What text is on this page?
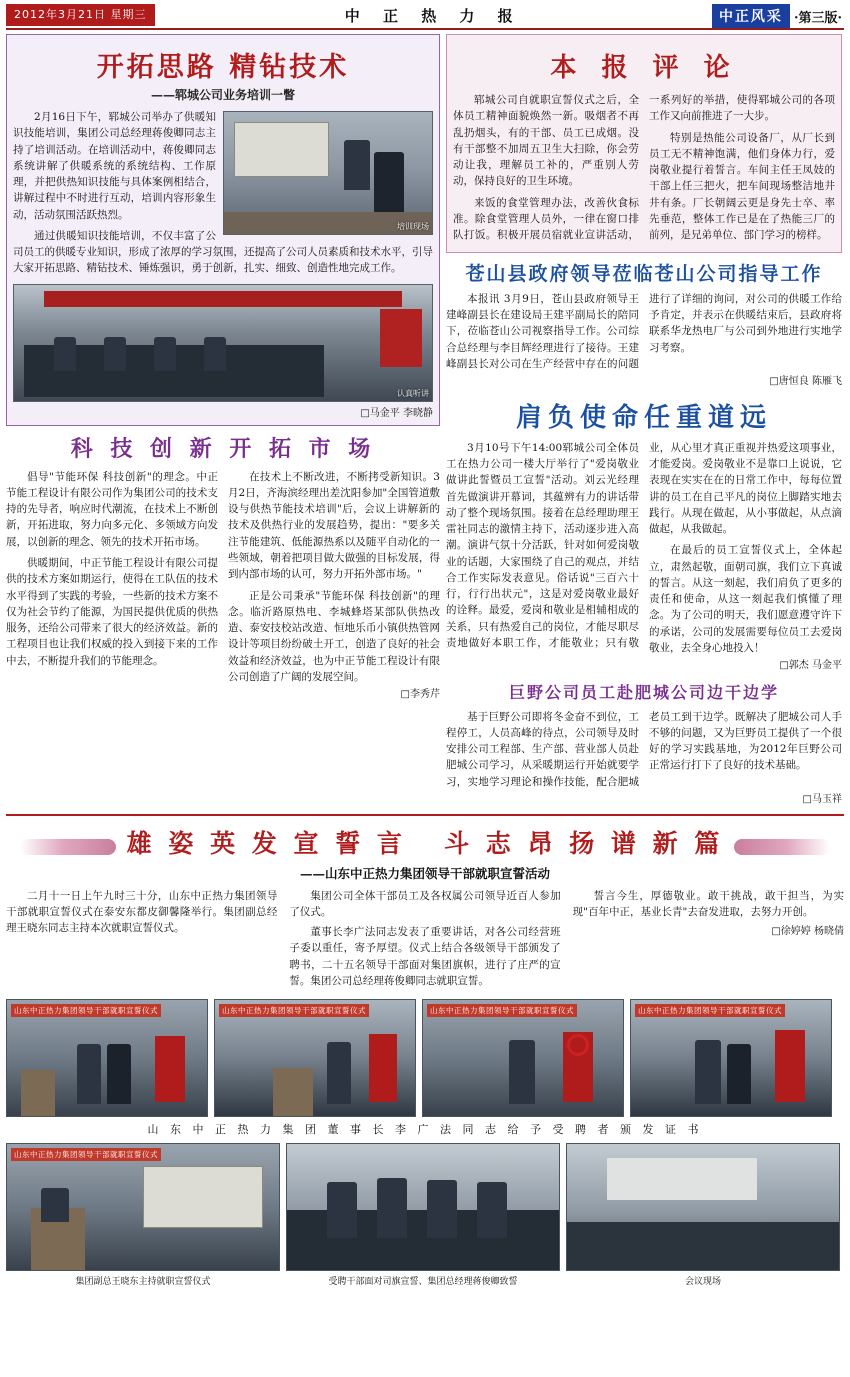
2012年3月21日 星期三	中 正 热 力 报	中正风采 ·第三版·
开拓思路 精钻技术
——郓城公司业务培训一瞥
培训现场

2月16日下午，郓城公司举办了供暖知识技能培训，集团公司总经理蒋俊卿同志主持了培训活动。在培训活动中，蒋俊卿同志系统讲解了供暖系统的系统结构、工作原理，并把供热知识技能与具体案例相结合，讲解过程中不时进行互动，培训内容形象生动，活动氛围活跃热烈。

通过供暖知识技能培训，不仅丰富了公司员工的供暖专业知识，形成了浓厚的学习氛围，还提高了公司人员素质和技术水平，引导大家开拓思路、精钻技术、锤炼强识，勇于创新，扎实、细致、创造性地完成工作。

认真听讲
□马金平 李晓静
科 技 创 新 开 拓 市 场

倡导"节能环保 科技创新"的理念。中正节能工程设计有限公司作为集团公司的技术支持的先导者，响应时代潮流，在技术上不断创新，开拓进取，努力向多元化、多领域方向发展，以创新的理念、领先的技术开拓市场。

供暖期间，中正节能工程设计有限公司提供的技术方案如期运行，使得在工队伍的技术水平得到了实践的考验，一些新的技术方案不仅为社会节约了能源，为国民提供优质的供热服务，还给公司带来了很大的经济效益。新的工程项目也让我们权威的投入到接下来的工作中去，不断提升我们的节能理念。

在技术上不断改进，不断拷受新知识。3月2日，齐海滨经理出差沈阳参加"全国管道敷设与供热节能技术培训"后，会议上讲解新的技术及供热行业的发展趋势，提出："要多关注节能建筑、低能源热系以及随平自动化的一些领域，朝着把项目做大做强的目标发展，得到内部市场的认可，努力开拓外部市场。"

正是公司秉承"节能环保 科技创新"的理念。临沂路原热电、李城蜂塔某部队供热改造、泰安技校站改造、恒地乐币小镇供热管网设计等项目纷纷破土开工，创造了良好的社会效益和经济效益，也为中正节能工程设计有限公司创造了广阔的发展空间。

□李秀芹
本 报 评 论

郓城公司自就职宣誓仪式之后，全体员工精神面貌焕然一新。吸烟者不再乱扔烟头，有的干部、员工已成烟。没有干部整不加周五卫生大扫除，你会劳动让我，理解员工补的，严重别人劳动，保持良好的卫生环境。

来饭的食堂管理办法，改善伙食标准。除食堂管理人员外，一律在窗口排队打饭。积极开展员宿就业宣讲活动，一系列好的举措，使得郓城公司的各项工作又向前推进了一大步。

特别是热能公司设备厂，从厂长到员工无不精神饱满，他们身体力行，爱岗敬业提行着誓言。车间主任王凤妓的干部上任三把火，把车间现场整洁地井井有条。厂长朝阔云更是身先士卒、率先垂范，整体工作已是在了热能三厂的前列，是兄弟单位、部门学习的榜样。

苍山县政府领导莅临苍山公司指导工作

本报讯 3月9日，苍山县政府领导王建峰副县长在建设局王建平副局长的陪同下，莅临苍山公司视察指导工作。公司综合总经理与李目辉经理进行了接待。王建峰副县长对公司在生产经营中存在的问题进行了详细的询问，对公司的供暖工作给予肯定，并表示在供暖结束后，县政府将联系华龙热电厂与公司到外地进行实地学习考察。

□唐恒良 陈雁飞
肩负使命任重道远

3月10号下午14:00郓城公司全体员工在热力公司一楼大厅举行了"爱岗敬业做讲此誓暨员工宣誓"活动。刘云光经理首先做演讲开幕词，其蕴辨有力的讲话带动了整个现场氛围。接着在总经理助理王雷社同志的激情主持下，活动逐步进入高潮。演讲气氛十分活跃，针对如何爱岗敬业的话题，大家围绕了自己的观点，并结合工作实际发表意见。俗话说"三百六十行，行行出状元"，这是对爱岗敬业最好的诠释。最爱，爱岗和敬业是相辅相成的关系，只有热爱自己的岗位，才能尽职尽责地做好本职工作，才能敬业；只有敬业，从心里才真正重视并热爱这项事业，才能爱岗。爱岗敬业不是靠口上说说，它表现在实实在在的日常工作中，每每位置讲的员工在自己平凡的岗位上脚踏实地去践行。从现在做起，从小事做起，从点滴做起，从我做起。

在最后的员工宣誓仪式上，全体起立，肃然起敬，面朝司旗，我们立下真诚的誓言。从这一刻起，我们肩负了更多的责任和使命，从这一刻起我们慎懂了理念。为了公司的明天，我们愿意遵守许下的承诺，公司的发展需要每位员工去爱岗敬业，去全身心地投入！

□郭杰 马金平
巨野公司员工赴肥城公司边干边学

基于巨野公司即将冬金奋不到位，工程停工，人员高峰的待点，公司领导及时安排公司工程部、生产部、营业部人员赴肥城公司学习，从采暖期运行开始就要学习，实地学习理论和操作技能，配合肥城老员工到干边学。既解决了肥城公司人手不够的问题，又为巨野员工提供了一个很好的学习实践基地，为2012年巨野公司正常运行打下了良好的技术基础。

□马玉祥
雄 姿 英 发 宣 誓 言 斗 志 昂 扬 谱 新 篇
——山东中正热力集团领导干部就职宣誓活动

二月十一日上午九时三十分，山东中正热力集团领导干部就职宣誓仪式在泰安东都皮御馨隆举行。集团副总经理王晓东同志主持本次就职宣誓仪式。

集团公司全体干部员工及各权属公司领导近百人参加了仪式。

董事长李广法同志发表了重要讲话，对各公司经营班子委以重任，寄予厚望。仪式上结合各级领导干部颁发了聘书，二十五名领导干部面对集团旗帜，进行了庄严的宣誓。集团公司总经理蒋俊卿同志就职宣誓。

誓言今生，厚德敬业。敢干挑战，敢干担当，为实现"百年中正，基业长青"去奋发进取，去努力开创。

□徐婷婷 杨晓倩
山东中正热力集团领导干部就职宣誓仪式	山东中正热力集团领导干部就职宣誓仪式	山东中正热力集团领导干部就职宣誓仪式	山东中正热力集团领导干部就职宣誓仪式
山 东 中 正 热 力 集 团 董 事 长 李 广 法 同 志 给 予 受 聘 者 颁 发 证 书
山东中正热力集团领导干部就职宣誓仪式
集团副总王晓东主持就职宣誓仪式	受聘干部面对司旗宣誓、集团总经理蒋俊卿致誓	会议现场
